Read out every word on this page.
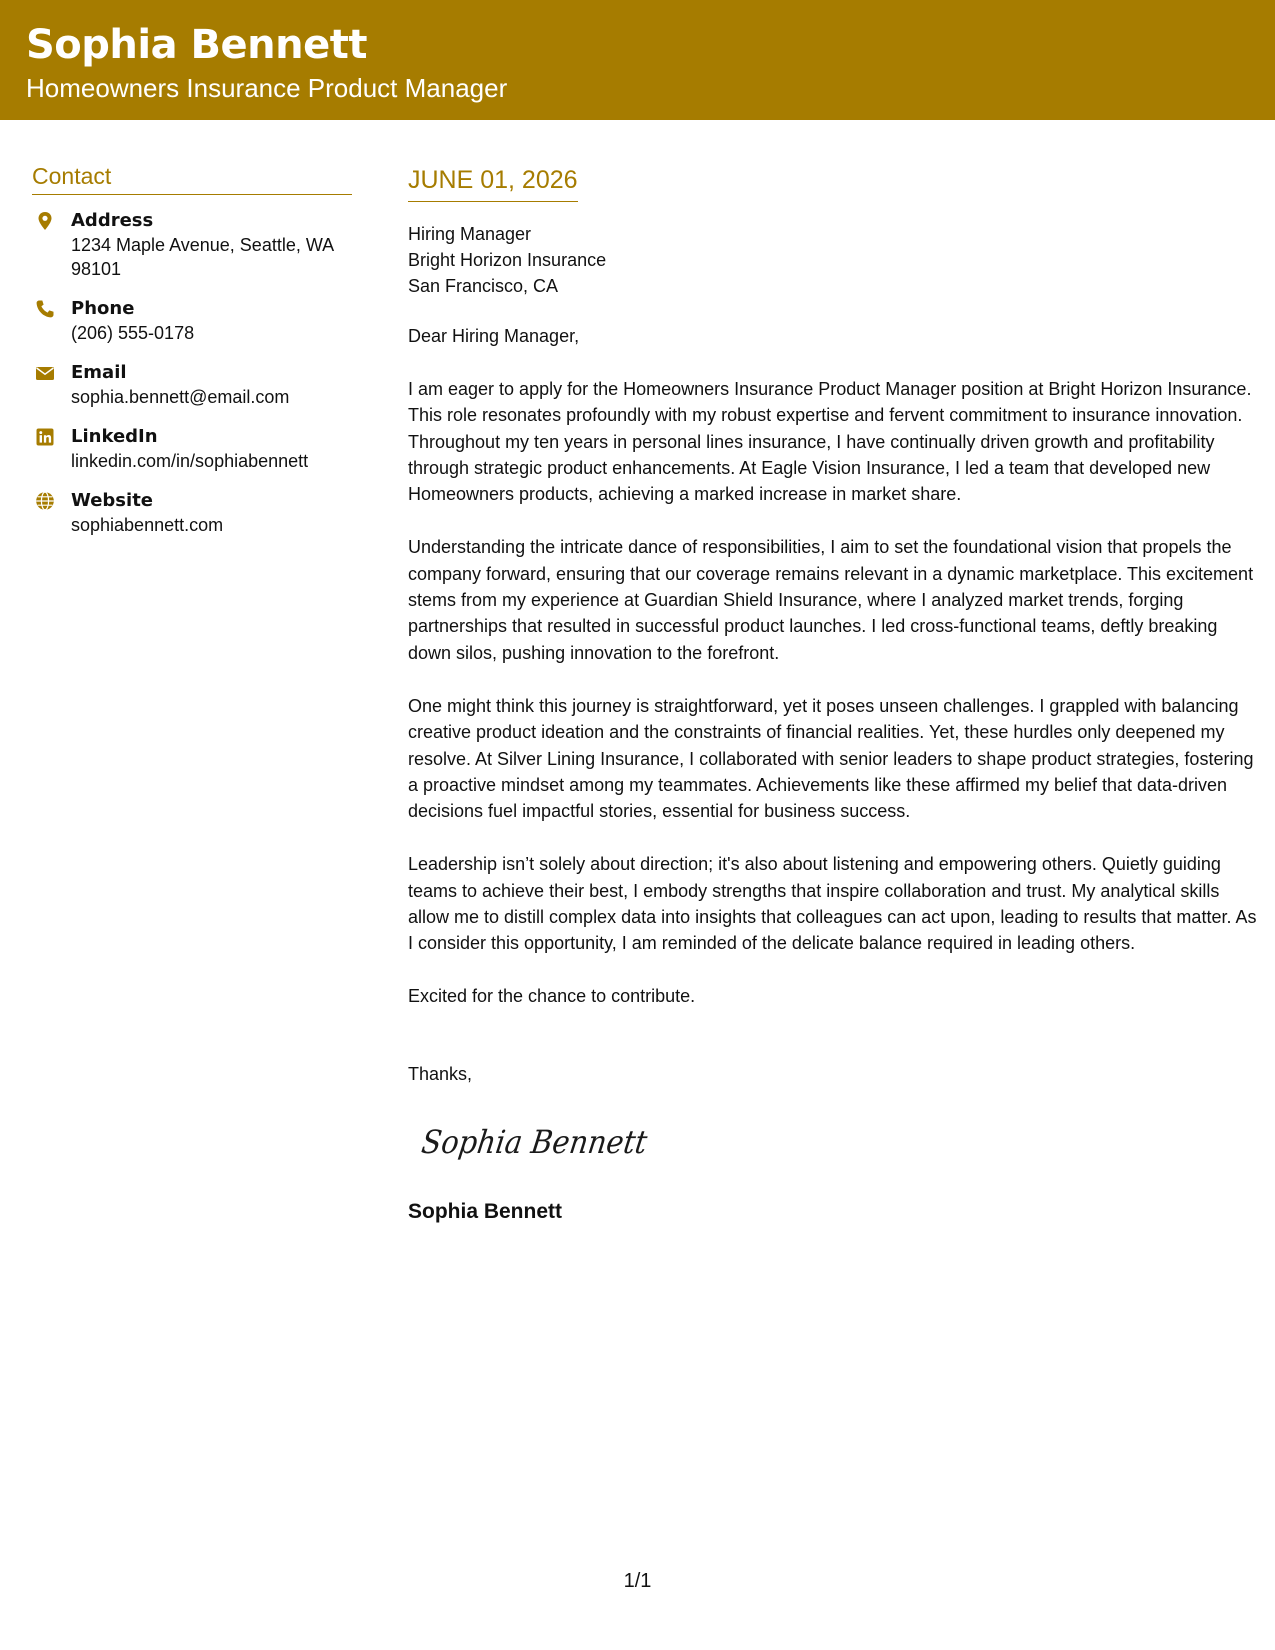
Sophia Bennett
Homeowners Insurance Product Manager
Contact
Address
1234 Maple Avenue, Seattle, WA 98101
Phone
(206) 555-0178
Email
sophia.bennett@email.com
LinkedIn
linkedin.com/in/sophiabennett
Website
sophiabennett.com
JUNE 01, 2026
Hiring Manager
Bright Horizon Insurance
San Francisco, CA
Dear Hiring Manager,
I am eager to apply for the Homeowners Insurance Product Manager position at Bright Horizon Insurance. This role resonates profoundly with my robust expertise and fervent commitment to insurance innovation. Throughout my ten years in personal lines insurance, I have continually driven growth and profitability through strategic product enhancements. At Eagle Vision Insurance, I led a team that developed new Homeowners products, achieving a marked increase in market share.
Understanding the intricate dance of responsibilities, I aim to set the foundational vision that propels the company forward, ensuring that our coverage remains relevant in a dynamic marketplace. This excitement stems from my experience at Guardian Shield Insurance, where I analyzed market trends, forging partnerships that resulted in successful product launches. I led cross-functional teams, deftly breaking down silos, pushing innovation to the forefront.
One might think this journey is straightforward, yet it poses unseen challenges. I grappled with balancing creative product ideation and the constraints of financial realities. Yet, these hurdles only deepened my resolve. At Silver Lining Insurance, I collaborated with senior leaders to shape product strategies, fostering a proactive mindset among my teammates. Achievements like these affirmed my belief that data-driven decisions fuel impactful stories, essential for business success.
Leadership isn’t solely about direction; it's also about listening and empowering others. Quietly guiding teams to achieve their best, I embody strengths that inspire collaboration and trust. My analytical skills allow me to distill complex data into insights that colleagues can act upon, leading to results that matter. As I consider this opportunity, I am reminded of the delicate balance required in leading others.
Excited for the chance to contribute.
Thanks,
Sophia Bennett
Sophia Bennett
1/1
